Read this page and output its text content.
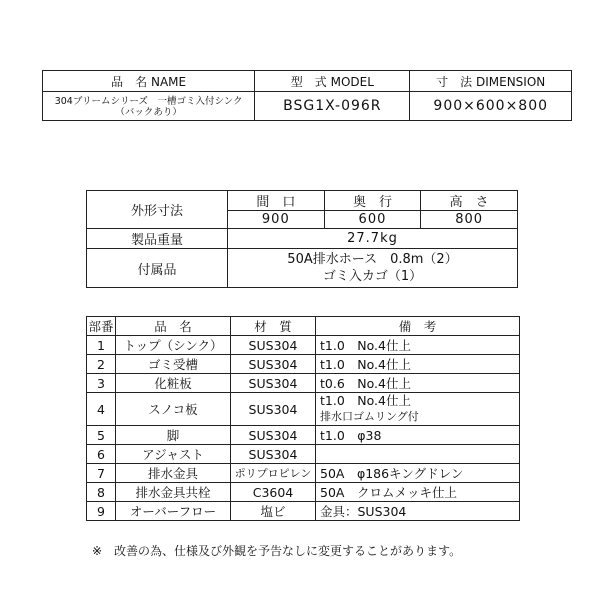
品　名 NAME	型　式 MODEL	寸　法 DIMENSION

304ブリームシリーズ　一槽ゴミ入付シンク
（バックあり）	BSG1X-096R	900×600×800
外形寸法	間　口	奥　行	高　さ
	900	600	800
製品重量	27.7kg		
付属品	50A排水ホース　0.8m（2）
ゴミ入カゴ（1）		
部番	品　名	材　質	備　考
1	トップ（シンク）	SUS304	t1.0　No.4仕上
2	ゴミ受槽	SUS304	t1.0　No.4仕上
3	化粧板	SUS304	t0.6　No.4仕上
4	スノコ板	SUS304	t1.0　No.4仕上
排水口ゴムリング付

5	脚	SUS304	t1.0　φ38
6	アジャスト	SUS304	
7	排水金具	ポリプロピレン	50A　φ186キングドレン
8	排水金具共栓	C3604	50A　クロムメッキ仕上
9	オーバーフロー	塩ビ	金具：SUS304
※　改善の為、仕様及び外観を予告なしに変更することがあります。
